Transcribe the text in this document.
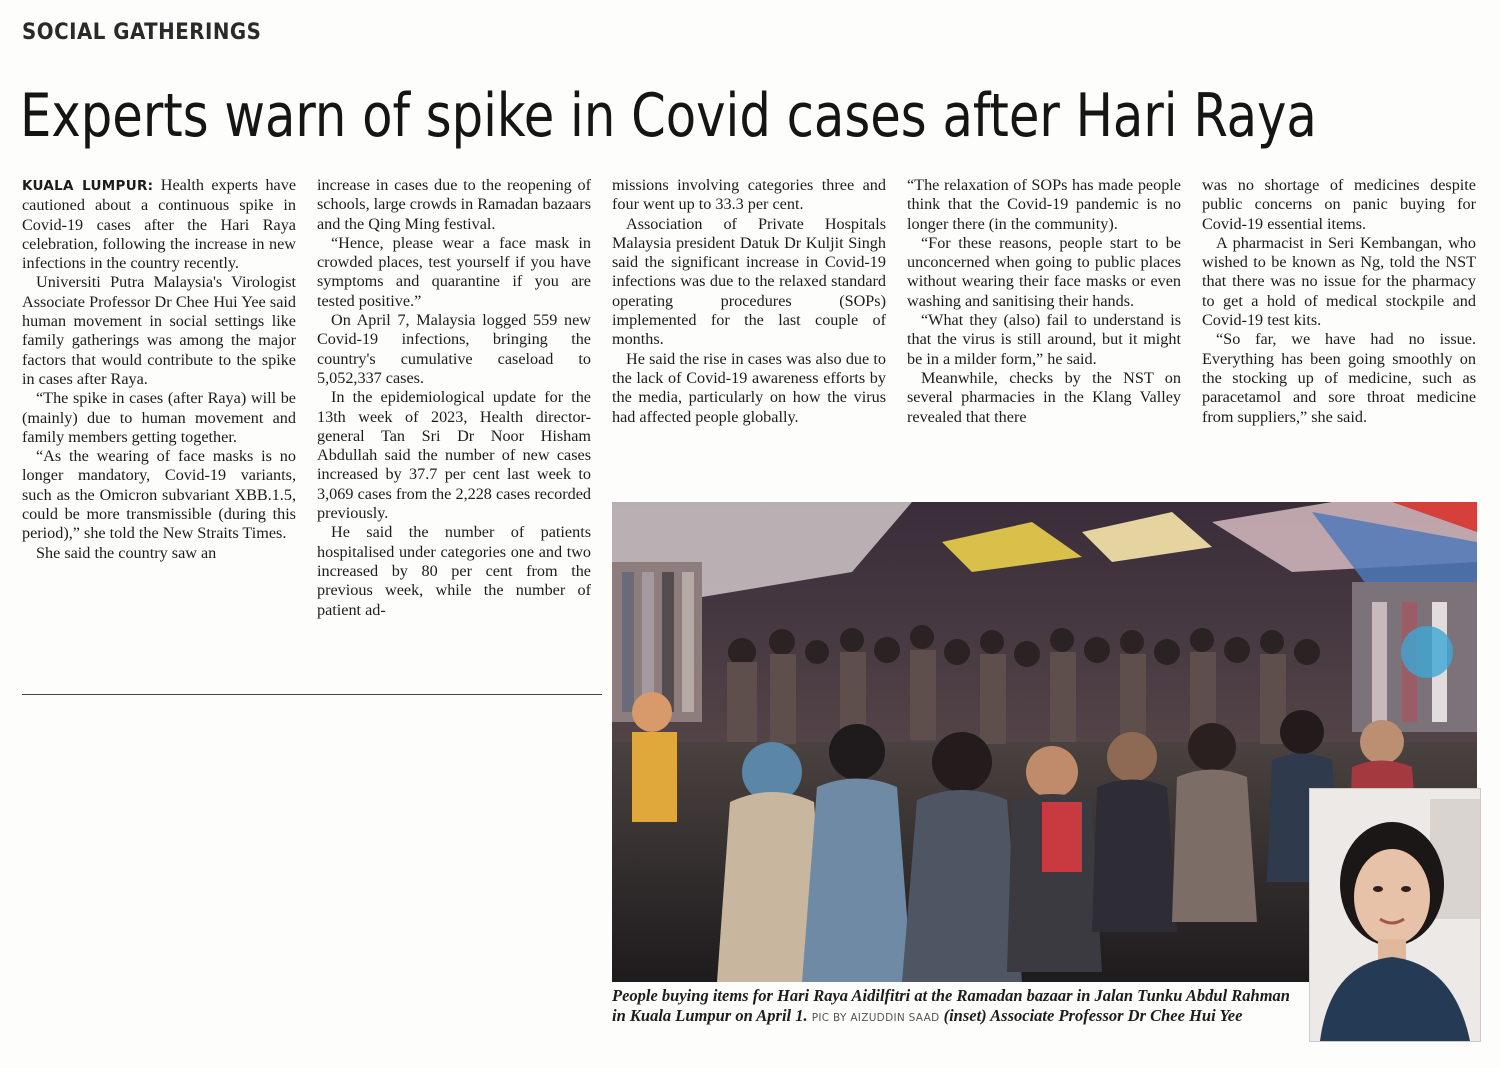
SOCIAL GATHERINGS
Experts warn of spike in Covid cases after Hari Raya

KUALA LUMPUR: Health experts have cautioned about a continuous spike in Covid-19 cases after the Hari Raya celebration, following the increase in new infections in the country recently.

Universiti Putra Malaysia's Virologist Associate Professor Dr Chee Hui Yee said human movement in social settings like family gatherings was among the major factors that would contribute to the spike in cases after Raya.

“The spike in cases (after Raya) will be (mainly) due to human movement and family members getting together.

“As the wearing of face masks is no longer mandatory, Covid-19 variants, such as the Omicron subvariant XBB.1.5, could be more transmissible (during this period),” she told the New Straits Times.

She said the country saw an

increase in cases due to the reopening of schools, large crowds in Ramadan bazaars and the Qing Ming festival.

“Hence, please wear a face mask in crowded places, test yourself if you have symptoms and quarantine if you are tested positive.”

On April 7, Malaysia logged 559 new Covid-19 infections, bringing the country's cumulative caseload to 5,052,337 cases.

In the epidemiological update for the 13th week of 2023, Health director-general Tan Sri Dr Noor Hisham Abdullah said the number of new cases increased by 37.7 per cent last week to 3,069 cases from the 2,228 cases recorded previously.

He said the number of patients hospitalised under categories one and two increased by 80 per cent from the previous week, while the number of patient ad-

missions involving categories three and four went up to 33.3 per cent.

Association of Private Hospitals Malaysia president Datuk Dr Kuljit Singh said the significant increase in Covid-19 infections was due to the relaxed standard operating procedures (SOPs) implemented for the last couple of months.

He said the rise in cases was also due to the lack of Covid-19 awareness efforts by the media, particularly on how the virus had affected people globally.

“The relaxation of SOPs has made people think that the Covid-19 pandemic is no longer there (in the community).

“For these reasons, people start to be unconcerned when going to public places without wearing their face masks or even washing and sanitising their hands.

“What they (also) fail to understand is that the virus is still around, but it might be in a milder form,” he said.

Meanwhile, checks by the NST on several pharmacies in the Klang Valley revealed that there

was no shortage of medicines despite public concerns on panic buying for Covid-19 essential items.

A pharmacist in Seri Kembangan, who wished to be known as Ng, told the NST that there was no issue for the pharmacy to get a hold of medical stockpile and Covid-19 test kits.

“So far, we have had no issue. Everything has been going smoothly on the stocking up of medicine, such as paracetamol and sore throat medicine from suppliers,” she said.

People buying items for Hari Raya Aidilfitri at the Ramadan bazaar in Jalan Tunku Abdul Rahman in Kuala Lumpur on April 1. PIC BY AIZUDDIN SAAD (inset) Associate Professor Dr Chee Hui Yee
